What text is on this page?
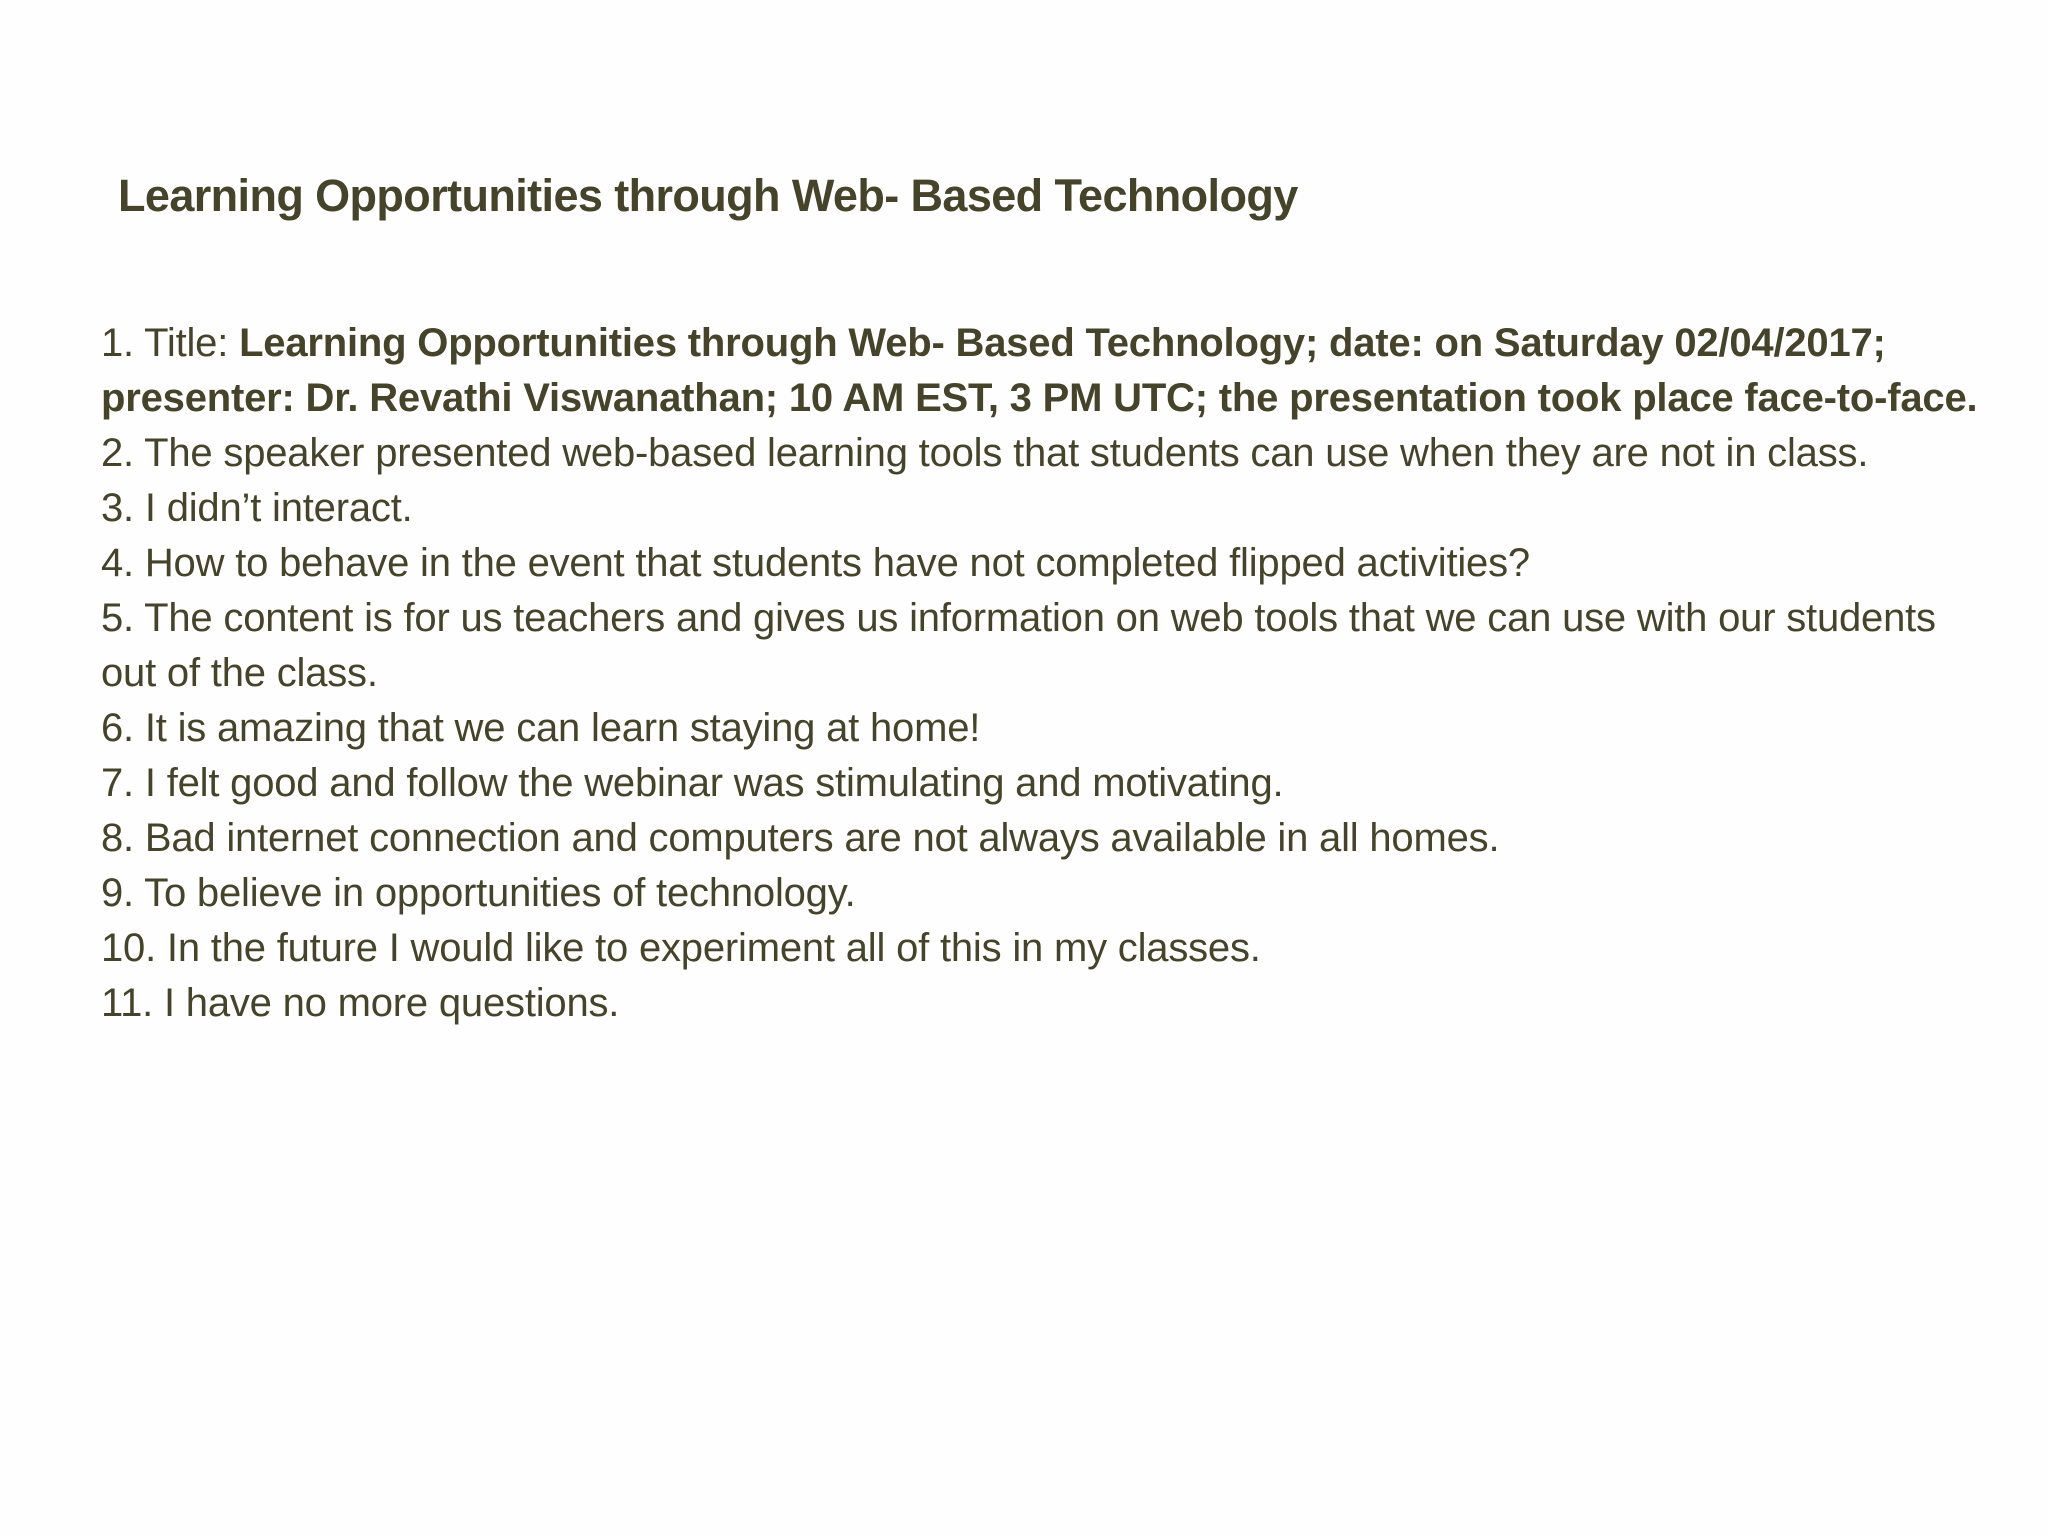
Learning Opportunities through Web- Based Technology

1. Title: Learning Opportunities through Web- Based Technology; date: on Saturday 02/04/2017; presenter: Dr. Revathi Viswanathan; 10 AM EST, 3 PM UTC; the presentation took place face-to-face.

2. The speaker presented web-based learning tools that students can use when they are not in class.

3. I didn’t interact.

4. How to behave in the event that students have not completed flipped activities?

5. The content is for us teachers and gives us information on web tools that we can use with our students out of the class.

6. It is amazing that we can learn staying at home!

7. I felt good and follow the webinar was stimulating and motivating.

8. Bad internet connection and computers are not always available in all homes.

9. To believe in opportunities of technology.

10. In the future I would like to experiment all of this in my classes.

11. I have no more questions.
